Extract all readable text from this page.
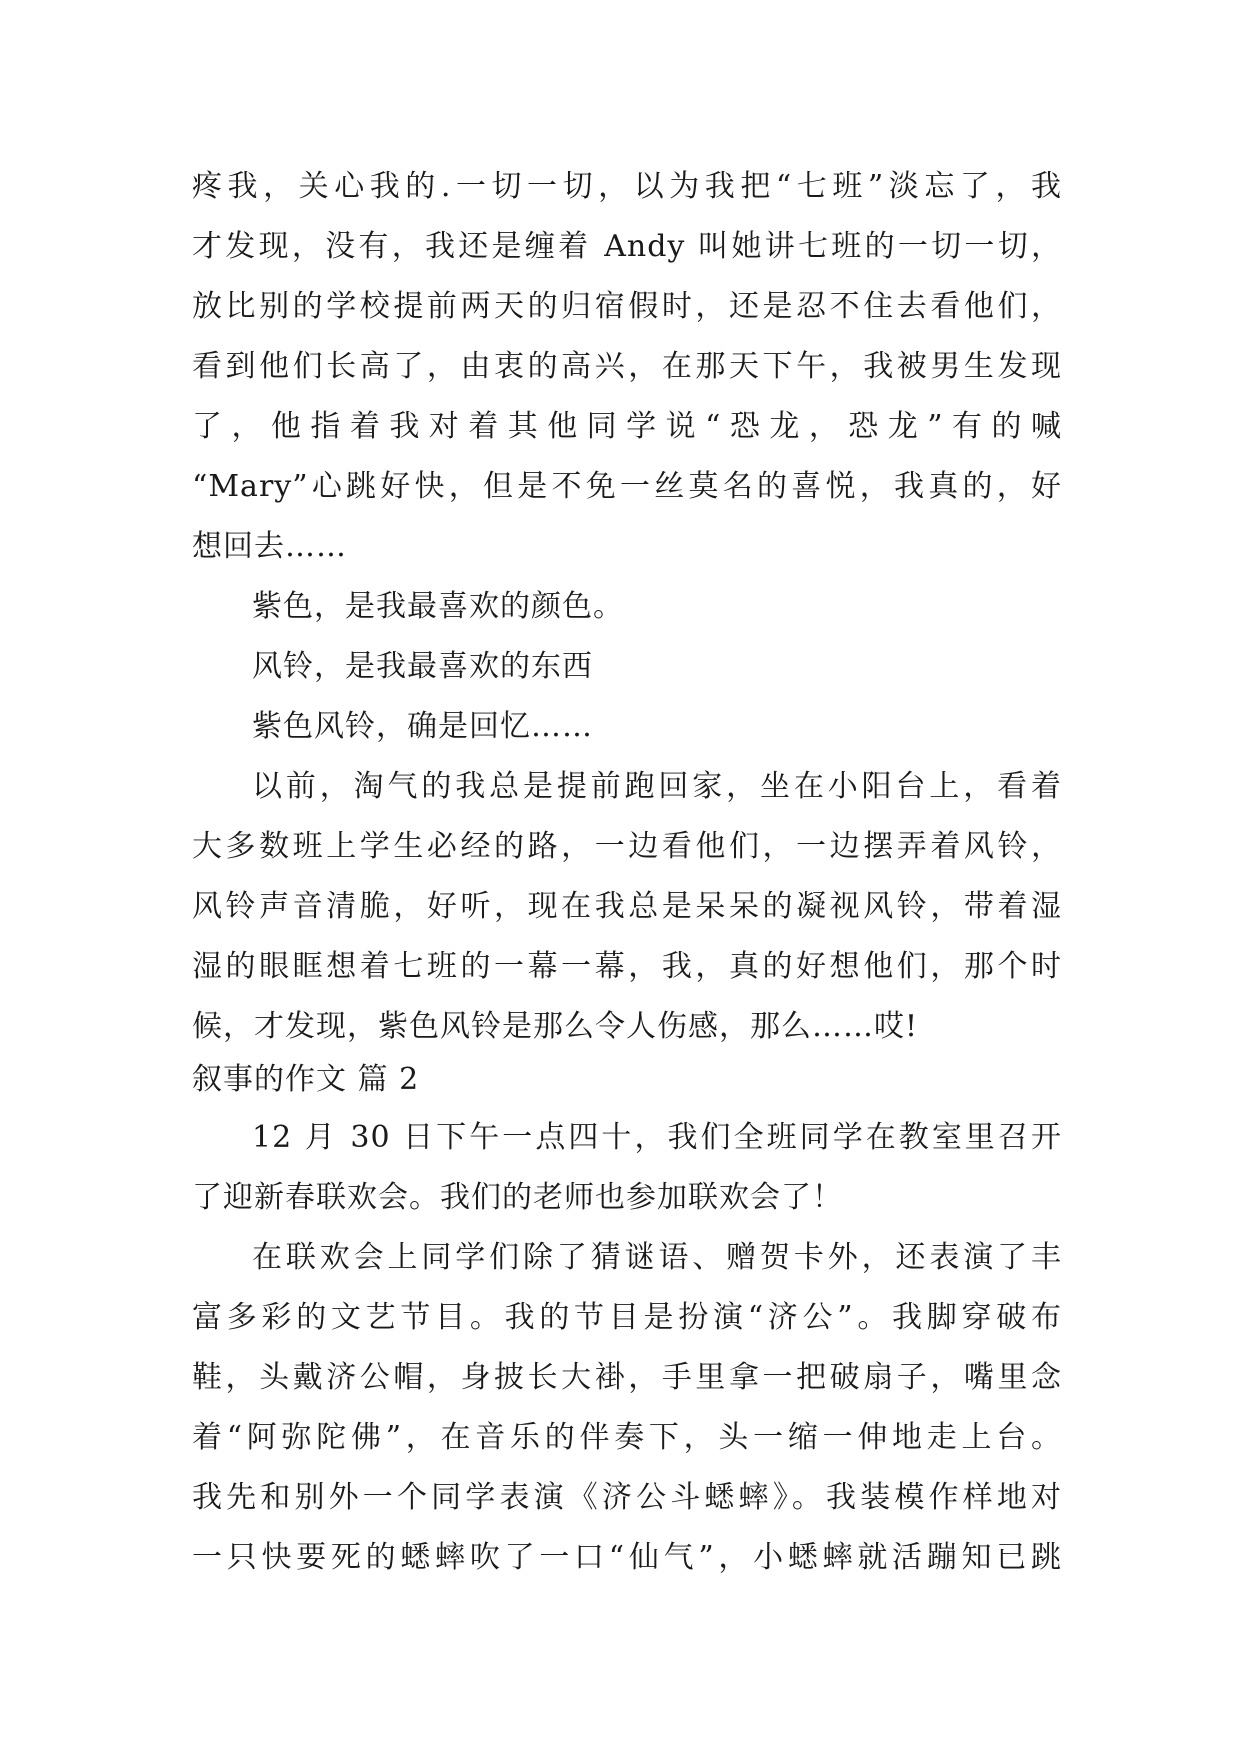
疼我，关心我的.一切一切，以为我把“七班”淡忘了，我
才发现，没有，我还是缠着 Andy 叫她讲七班的一切一切，
放比别的学校提前两天的归宿假时，还是忍不住去看他们，
看到他们长高了，由衷的高兴，在那天下午，我被男生发现
了，他指着我对着其他同学说“恐龙，恐龙”有的喊
“Mary”心跳好快，但是不免一丝莫名的喜悦，我真的，好
想回去……
紫色，是我最喜欢的颜色。
风铃，是我最喜欢的东西
紫色风铃，确是回忆……
以前，淘气的我总是提前跑回家，坐在小阳台上，看着
大多数班上学生必经的路，一边看他们，一边摆弄着风铃，
风铃声音清脆，好听，现在我总是呆呆的凝视风铃，带着湿
湿的眼眶想着七班的一幕一幕，我，真的好想他们，那个时
候，才发现，紫色风铃是那么令人伤感，那么……哎!
叙事的作文 篇 2
12 月 30 日下午一点四十，我们全班同学在教室里召开
了迎新春联欢会。我们的老师也参加联欢会了！
在联欢会上同学们除了猜谜语、赠贺卡外，还表演了丰
富多彩的文艺节目。我的节目是扮演“济公”。我脚穿破布
鞋，头戴济公帽，身披长大褂，手里拿一把破扇子，嘴里念
着“阿弥陀佛”，在音乐的伴奏下，头一缩一伸地走上台。
我先和别外一个同学表演《济公斗蟋蟀》。我装模作样地对
一只快要死的蟋蟀吹了一口“仙气”，小蟋蟀就活蹦知已跳
